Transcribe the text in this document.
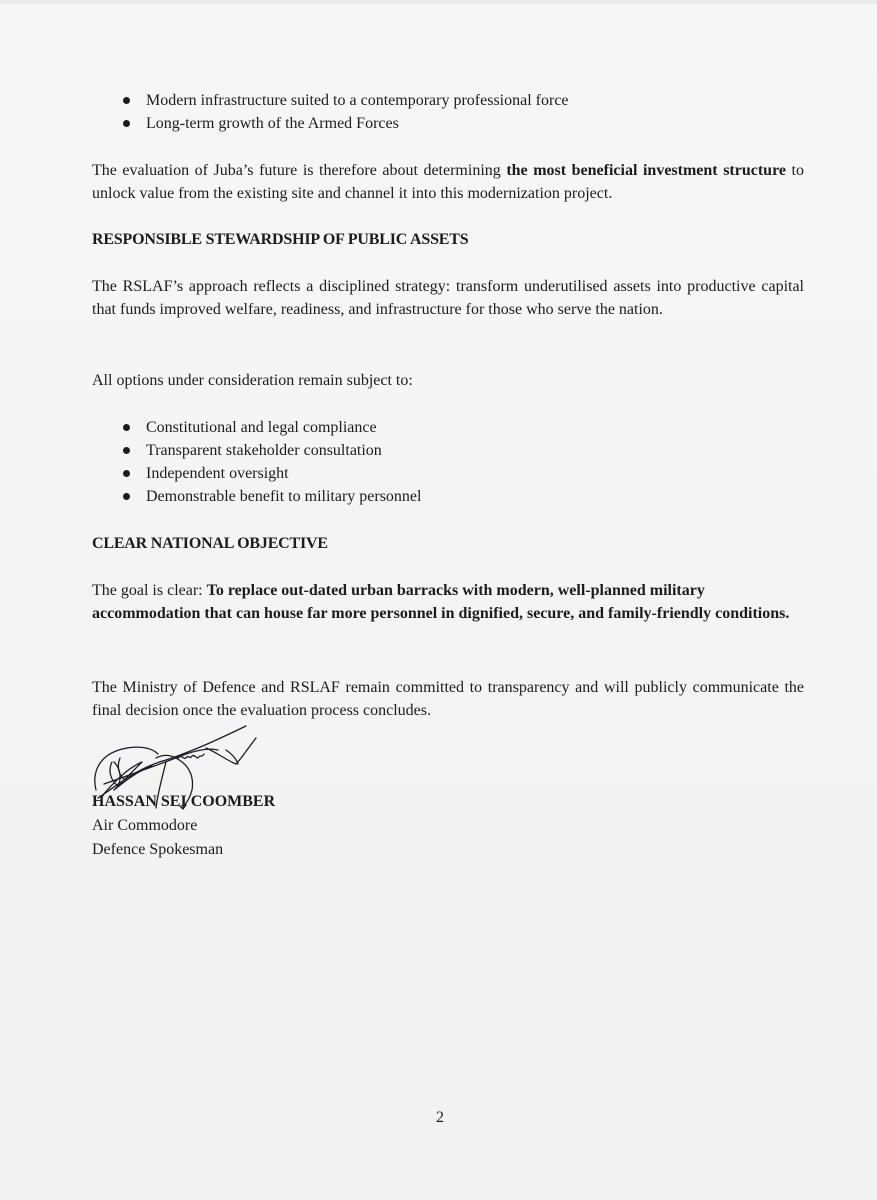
Modern infrastructure suited to a contemporary professional force
Long-term growth of the Armed Forces

The evaluation of Juba’s future is therefore about determining the most beneficial investment structure to unlock value from the existing site and channel it into this modernization project.

RESPONSIBLE STEWARDSHIP OF PUBLIC ASSETS

The RSLAF’s approach reflects a disciplined strategy: transform underutilised assets into productive capital that funds improved welfare, readiness, and infrastructure for those who serve the nation.

All options under consideration remain subject to:

Constitutional and legal compliance
Transparent stakeholder consultation
Independent oversight
Demonstrable benefit to military personnel
CLEAR NATIONAL OBJECTIVE

The goal is clear: To replace out-dated urban barracks with modern, well-planned military accommodation that can house far more personnel in dignified, secure, and family-friendly conditions.

The Ministry of Defence and RSLAF remain committed to transparency and will publicly communicate the final decision once the evaluation process concludes.

HASSAN SEI COOMBER
Air Commodore
Defence Spokesman
2
